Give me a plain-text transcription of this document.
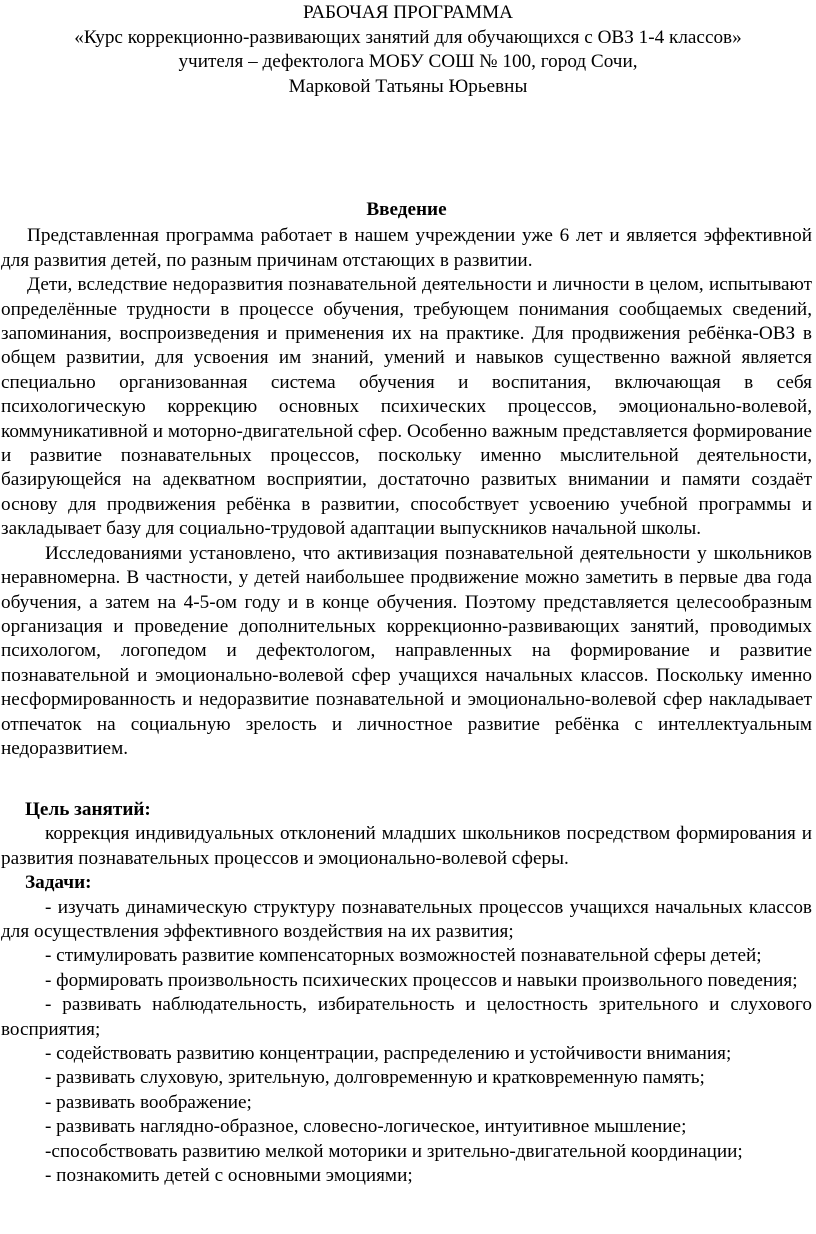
РАБОЧАЯ ПРОГРАММА

«Курс коррекционно-развивающих занятий для обучающихся с ОВЗ 1-4 классов»

учителя – дефектолога МОБУ СОШ № 100, город Сочи,

Марковой Татьяны Юрьевны

Введение

Представленная программа работает в нашем учреждении уже 6 лет и является эффективной для развития детей, по разным причинам отстающих в развитии.

Дети, вследствие недоразвития познавательной деятельности и личности в целом, испытывают определённые трудности в процессе обучения, требующем понимания сообщаемых сведений, запоминания, воспроизведения и применения их на практике. Для продвижения ребёнка-ОВЗ в общем развитии, для усвоения им знаний, умений и навыков существенно важной является специально организованная система обучения и воспитания, включающая в себя психологическую коррекцию основных психических процессов, эмоционально-волевой, коммуникативной и моторно-двигательной сфер. Особенно важным представляется формирование и развитие познавательных процессов, поскольку именно мыслительной деятельности, базирующейся на адекватном восприятии, достаточно развитых внимании и памяти создаёт основу для продвижения ребёнка в развитии, способствует усвоению учебной программы и закладывает базу для социально-трудовой адаптации выпускников начальной школы.

Исследованиями установлено, что активизация познавательной деятельности у школьников неравномерна. В частности, у детей наибольшее продвижение можно заметить в первые два года обучения, а затем на 4-5-ом году и в конце обучения. Поэтому представляется целесообразным организация и проведение дополнительных коррекционно-развивающих занятий, проводимых психологом, логопедом и дефектологом, направленных на формирование и развитие познавательной и эмоционально-волевой сфер учащихся начальных классов. Поскольку именно несформированность и недоразвитие познавательной и эмоционально-волевой сфер накладывает отпечаток на социальную зрелость и личностное развитие ребёнка с интеллектуальным недоразвитием.

Цель занятий:

коррекция индивидуальных отклонений младших школьников посредством формирования и развития познавательных процессов и эмоционально-волевой сферы.

Задачи:

- изучать динамическую структуру познавательных процессов учащихся начальных классов для осуществления эффективного воздействия на их развития;

- стимулировать развитие компенсаторных возможностей познавательной сферы детей;

- формировать произвольность психических процессов и навыки произвольного поведения;

- развивать наблюдательность, избирательность и целостность зрительного и слухового восприятия;

- содействовать развитию концентрации, распределению и устойчивости внимания;

- развивать слуховую, зрительную, долговременную и кратковременную память;

- развивать воображение;

- развивать наглядно-образное, словесно-логическое, интуитивное мышление;

-способствовать развитию мелкой моторики и зрительно-двигательной координации;

- познакомить детей с основными эмоциями;
